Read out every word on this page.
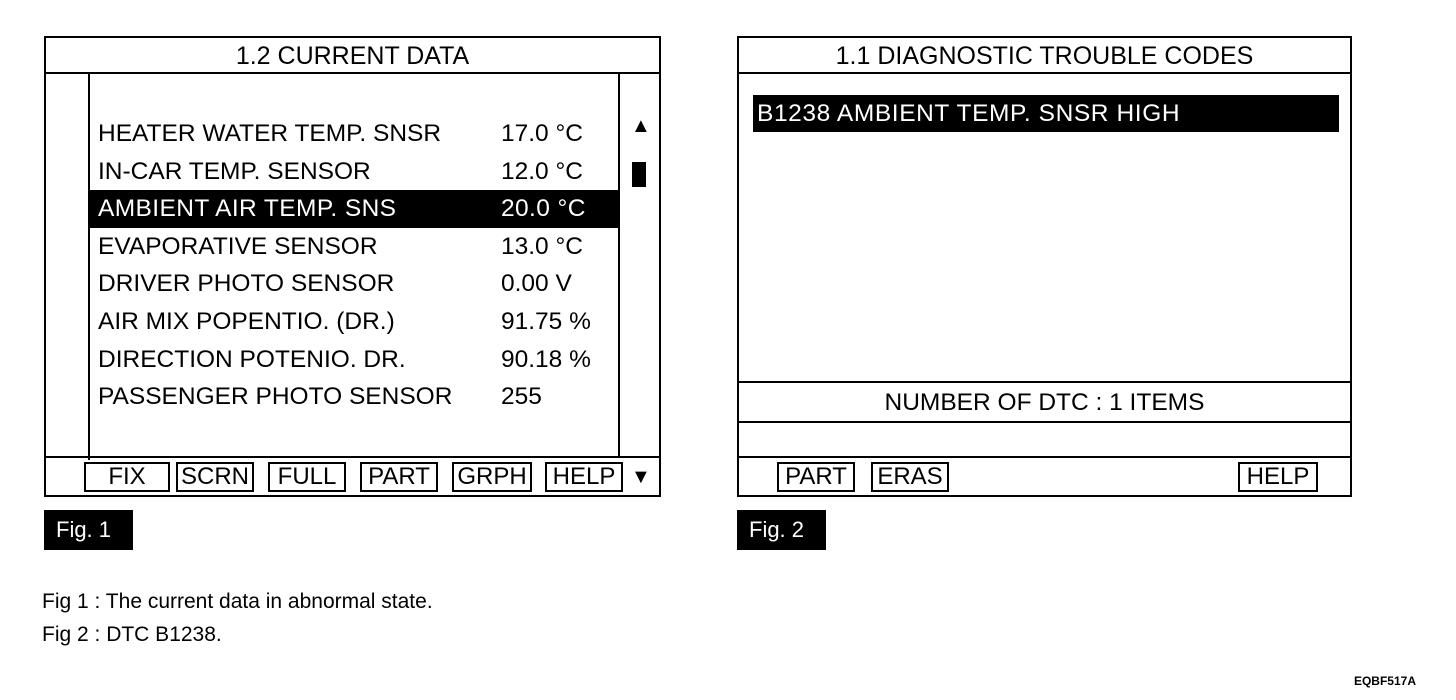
1.2 CURRENT DATA
HEATER WATER TEMP. SNSR 17.0 °C
IN-CAR TEMP. SENSOR	12.0 °C
AMBIENT AIR TEMP. SNS	20.0 °C
EVAPORATIVE SENSOR	13.0 °C
DRIVER PHOTO SENSOR	0.00 V
AIR MIX POPENTIO. (DR.)	91.75 %
DIRECTION POTENIO. DR.	90.18 %
PASSENGER PHOTO SENSOR 255
▲
▼
FIX	SCRN	FULL	PART	GRPH	HELP
1.1 DIAGNOSTIC TROUBLE CODES
B1238 AMBIENT TEMP. SNSR HIGH
NUMBER OF DTC : 1 ITEMS
PART	ERAS	HELP
Fig. 1	Fig. 2
Fig 1 : The current data in abnormal state.
Fig 2 : DTC B1238.
EQBF517A
